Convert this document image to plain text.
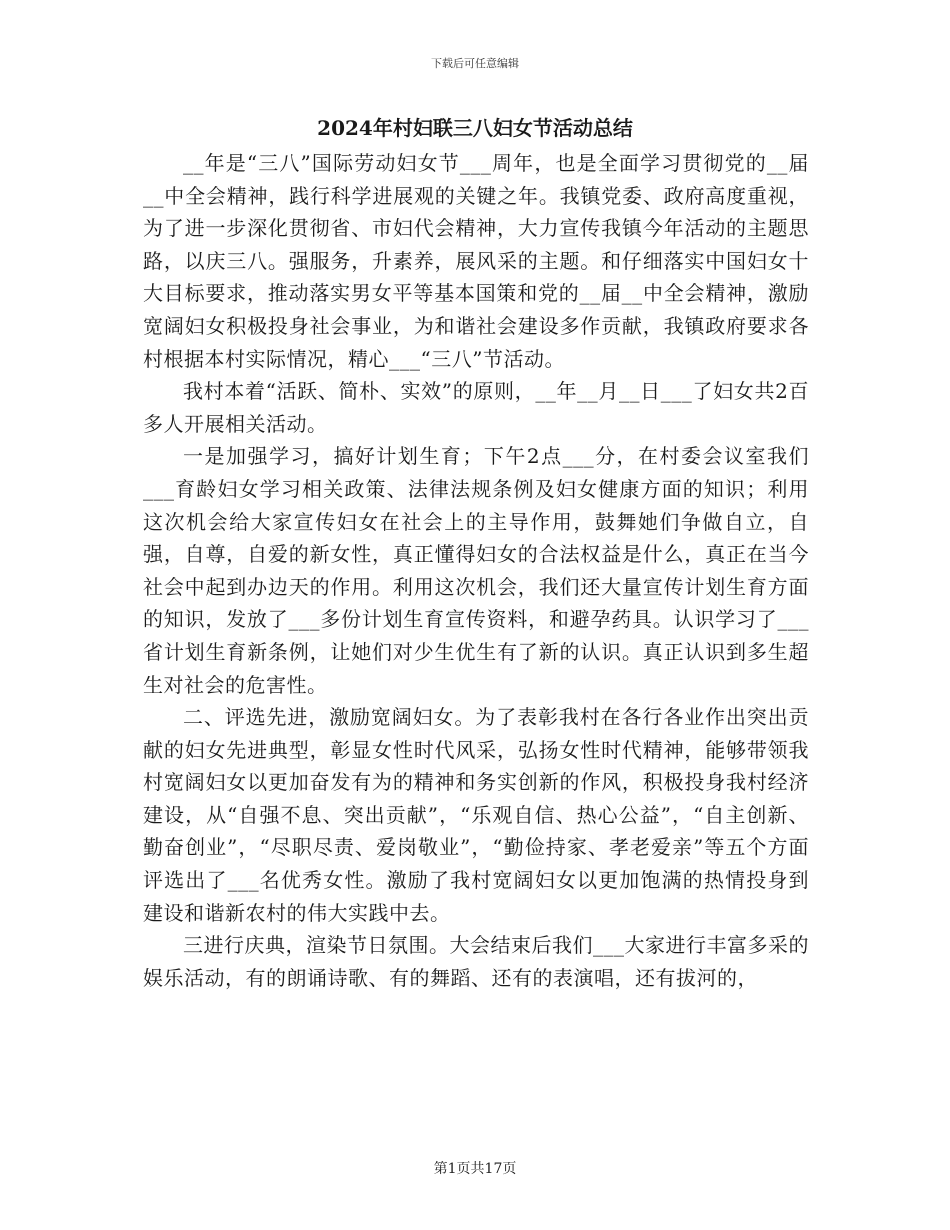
下载后可任意编辑
2024年村妇联三八妇女节活动总结

__年是“三八”国际劳动妇女节___周年，也是全面学习贯彻党的__届__中全会精神，践行科学进展观的关键之年。我镇党委、政府高度重视，为了进一步深化贯彻省、市妇代会精神，大力宣传我镇今年活动的主题思路，以庆三八。强服务，升素养，展风采的主题。和仔细落实中国妇女十大目标要求，推动落实男女平等基本国策和党的__届__中全会精神，激励宽阔妇女积极投身社会事业，为和谐社会建设多作贡献，我镇政府要求各村根据本村实际情况，精心___“三八”节活动。

我村本着“活跃、简朴、实效”的原则，__年__月__日___了妇女共2百多人开展相关活动。

一是加强学习，搞好计划生育；下午2点___分，在村委会议室我们___育龄妇女学习相关政策、法律法规条例及妇女健康方面的知识；利用这次机会给大家宣传妇女在社会上的主导作用，鼓舞她们争做自立，自强，自尊，自爱的新女性，真正懂得妇女的合法权益是什么，真正在当今社会中起到办边天的作用。利用这次机会，我们还大量宣传计划生育方面的知识，发放了___多份计划生育宣传资料，和避孕药具。认识学习了___省计划生育新条例，让她们对少生优生有了新的认识。真正认识到多生超生对社会的危害性。

二、评选先进，激励宽阔妇女。为了表彰我村在各行各业作出突出贡献的妇女先进典型，彰显女性时代风采，弘扬女性时代精神，能够带领我村宽阔妇女以更加奋发有为的精神和务实创新的作风，积极投身我村经济建设，从“自强不息、突出贡献”，“乐观自信、热心公益”，“自主创新、勤奋创业”，“尽职尽责、爱岗敬业”，“勤俭持家、孝老爱亲”等五个方面评选出了___名优秀女性。激励了我村宽阔妇女以更加饱满的热情投身到建设和谐新农村的伟大实践中去。

三进行庆典，渲染节日氛围。大会结束后我们___大家进行丰富多采的娱乐活动，有的朗诵诗歌、有的舞蹈、还有的表演唱，还有拔河的，

第1页共17页
